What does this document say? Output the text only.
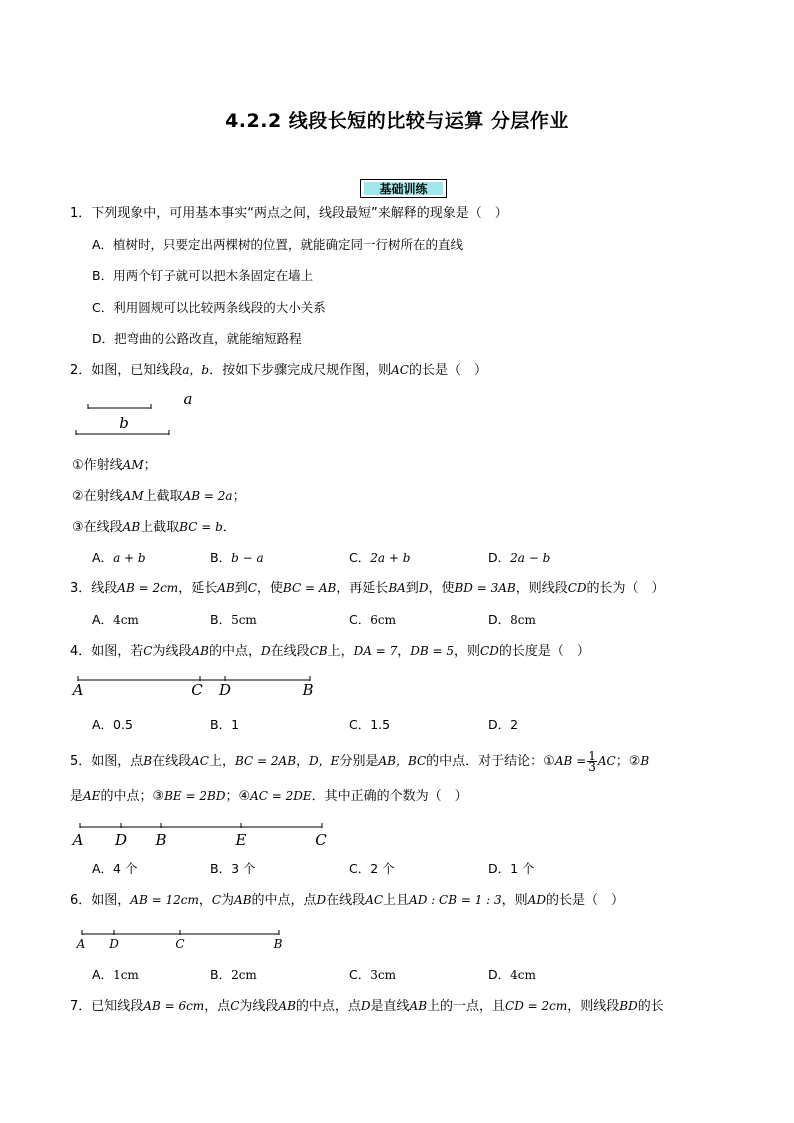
4.2.2 线段长短的比较与运算 分层作业
基础训练
1．下列现象中，可用基本事实“两点之间，线段最短”来解释的现象是（　）
A．植树时，只要定出两棵树的位置，就能确定同一行树所在的直线
B．用两个钉子就可以把木条固定在墙上
C．利用圆规可以比较两条线段的大小关系
D．把弯曲的公路改直，就能缩短路程
2．如图，已知线段a，b．按如下步骤完成尺规作图，则AC的长是（　）
a
b
①作射线AM；
②在射线AM上截取AB = 2a；
③在线段AB上截取BC = b．
A．a + b	B．b − a	C．2a + b	D．2a − b
3．线段AB = 2cm，延长AB到C，使BC = AB，再延长BA到D，使BD = 3AB，则线段CD的长为（　）
A．4cm	B．5cm	C．6cm	D．8cm
4．如图，若C为线段AB的中点，D在线段CB上，DA = 7，DB = 5，则CD的长度是（　）
A	C D	B
A．0.5	B．1	C．1.5	D．2
5．如图，点B在线段AC上，BC = 2AB，D，E分别是AB，BC的中点．对于结论：①AB = $\frac{1}{3}$ AC；②B
是AE的中点；③BE = 2BD；④AC = 2DE．其中正确的个数为（　）
A D B	E	C
A．4 个	B．3 个	C．2 个	D．1 个
6．如图，AB = 12cm，C为AB的中点，点D在线段AC上且AD : CB = 1 : 3，则AD的长是（　）
A D	C	B
A．1cm	B．2cm	C．3cm	D．4cm
7．已知线段AB = 6cm，点C为线段AB的中点，点D是直线AB上的一点，且CD = 2cm，则线段BD的长
